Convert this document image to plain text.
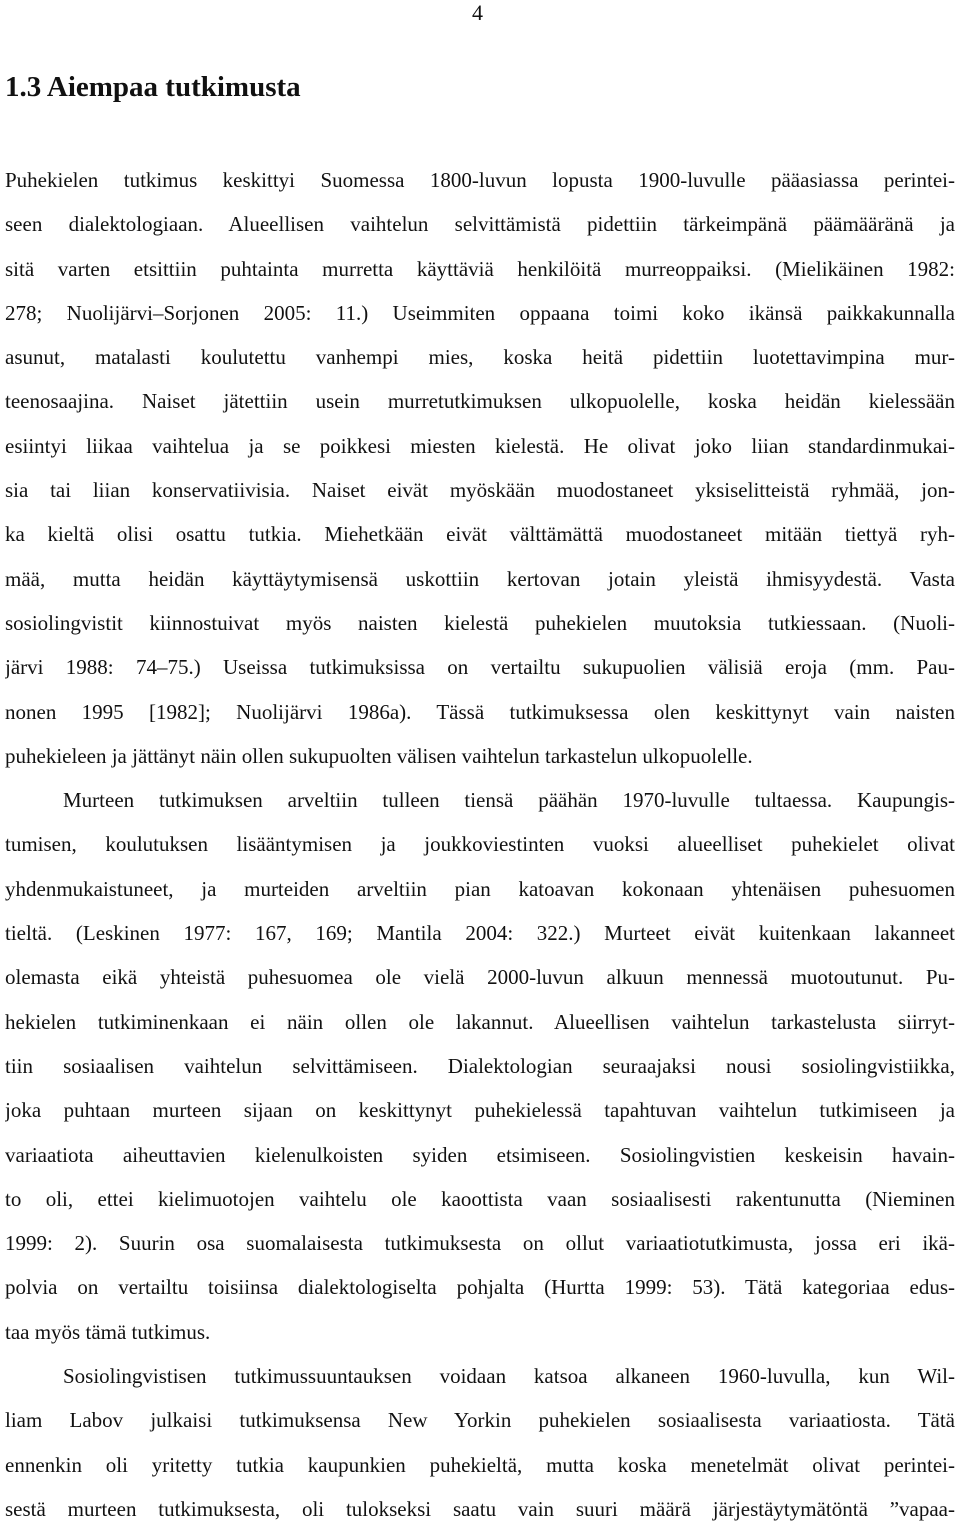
4
1.3 Aiempaa tutkimusta
Puhekielen tutkimus keskittyi Suomessa 1800-luvun lopusta 1900-luvulle pääasiassa perintei-
seen dialektologiaan. Alueellisen vaihtelun selvittämistä pidettiin tärkeimpänä päämääränä ja
sitä varten etsittiin puhtainta murretta käyttäviä henkilöitä murreoppaiksi. (Mielikäinen 1982:
278; Nuolijärvi–Sorjonen 2005: 11.) Useimmiten oppaana toimi koko ikänsä paikkakunnalla
asunut, matalasti koulutettu vanhempi mies, koska heitä pidettiin luotettavimpina mur-
teenosaajina. Naiset jätettiin usein murretutkimuksen ulkopuolelle, koska heidän kielessään
esiintyi liikaa vaihtelua ja se poikkesi miesten kielestä. He olivat joko liian standardinmukai-
sia tai liian konservatiivisia. Naiset eivät myöskään muodostaneet yksiselitteistä ryhmää, jon-
ka kieltä olisi osattu tutkia. Miehetkään eivät välttämättä muodostaneet mitään tiettyä ryh-
mää, mutta heidän käyttäytymisensä uskottiin kertovan jotain yleistä ihmisyydestä. Vasta
sosiolingvistit kiinnostuivat myös naisten kielestä puhekielen muutoksia tutkiessaan. (Nuoli-
järvi 1988: 74–75.) Useissa tutkimuksissa on vertailtu sukupuolien välisiä eroja (mm. Pau-
nonen 1995 [1982]; Nuolijärvi 1986a). Tässä tutkimuksessa olen keskittynyt vain naisten
puhekieleen ja jättänyt näin ollen sukupuolten välisen vaihtelun tarkastelun ulkopuolelle.
Murteen tutkimuksen arveltiin tulleen tiensä päähän 1970-luvulle tultaessa. Kaupungis-
tumisen, koulutuksen lisääntymisen ja joukkoviestinten vuoksi alueelliset puhekielet olivat
yhdenmukaistuneet, ja murteiden arveltiin pian katoavan kokonaan yhtenäisen puhesuomen
tieltä. (Leskinen 1977: 167, 169; Mantila 2004: 322.) Murteet eivät kuitenkaan lakanneet
olemasta eikä yhteistä puhesuomea ole vielä 2000-luvun alkuun mennessä muotoutunut. Pu-
hekielen tutkiminenkaan ei näin ollen ole lakannut. Alueellisen vaihtelun tarkastelusta siirryt-
tiin sosiaalisen vaihtelun selvittämiseen. Dialektologian seuraajaksi nousi sosiolingvistiikka,
joka puhtaan murteen sijaan on keskittynyt puhekielessä tapahtuvan vaihtelun tutkimiseen ja
variaatiota aiheuttavien kielenulkoisten syiden etsimiseen. Sosiolingvistien keskeisin havain-
to oli, ettei kielimuotojen vaihtelu ole kaoottista vaan sosiaalisesti rakentunutta (Nieminen
1999: 2). Suurin osa suomalaisesta tutkimuksesta on ollut variaatiotutkimusta, jossa eri ikä-
polvia on vertailtu toisiinsa dialektologiselta pohjalta (Hurtta 1999: 53). Tätä kategoriaa edus-
taa myös tämä tutkimus.
Sosiolingvistisen tutkimussuuntauksen voidaan katsoa alkaneen 1960-luvulla, kun Wil-
liam Labov julkaisi tutkimuksensa New Yorkin puhekielen sosiaalisesta variaatiosta. Tätä
ennenkin oli yritetty tutkia kaupunkien puhekieltä, mutta koska menetelmät olivat perintei-
sestä murteen tutkimuksesta, oli tulokseksi saatu vain suuri määrä järjestäytymätöntä ”vapaa-
